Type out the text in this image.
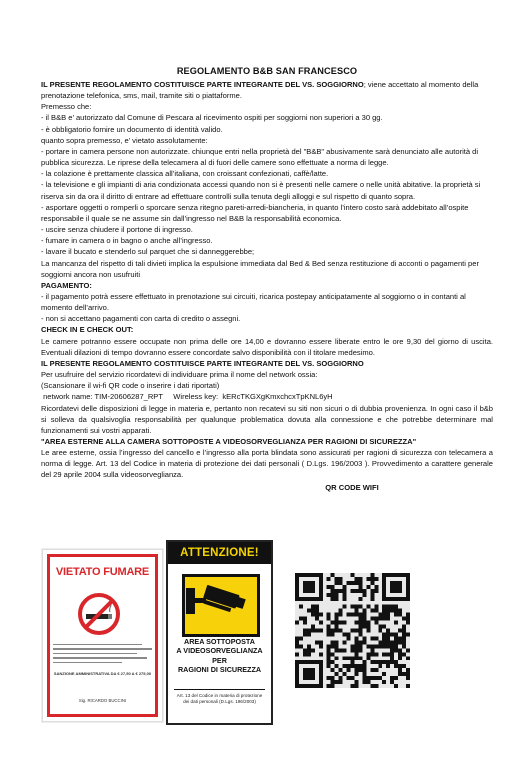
REGOLAMENTO B&B SAN FRANCESCO

IL PRESENTE REGOLAMENTO COSTITUISCE PARTE INTEGRANTE DEL VS. SOGGIORNO; viene accettato al momento della prenotazione telefonica, sms, mail, tramite siti o piattaforme.

Premesso che:

- il B&B e’ autorizzato dal Comune di Pescara al ricevimento ospiti per soggiorni non superiori a 30 gg.

- è obbligatorio fornire un documento di identità valido.

quanto sopra premesso, e’ vietato assolutamente:

- portare in camera persone non autorizzate. chiunque entri nella proprietà del "B&B" abusivamente sarà denunciato alle autorità di pubblica sicurezza. Le riprese della telecamera al di fuori delle camere sono effettuate a norma di legge.

- la colazione è prettamente classica all’italiana, con croissant confezionati, caffè/latte.

- la televisione e gli impianti di aria condizionata accessi quando non si è presenti nelle camere o nelle unità abitative. la proprietà si riserva sin da ora il diritto di entrare ad effettuare controlli sulla tenuta degli alloggi e sul rispetto di quanto sopra.

- asportare oggetti o romperli o sporcare senza ritegno pareti-arredi-biancheria, in quanto l’intero costo sarà addebitato all’ospite responsabile il quale se ne assume sin dall’ingresso nel B&B la responsabilità economica.

- uscire senza chiudere il portone di ingresso.

- fumare in camera o in bagno o anche all’ingresso.

- lavare il bucato e stenderlo sul parquet che si danneggerebbe;

La mancanza del rispetto di tali divieti implica la espulsione immediata dal Bed & Bed senza restituzione di acconti o pagamenti per soggiorni ancora non usufruiti

PAGAMENTO:

- il pagamento potrà essere effettuato in prenotazione sui circuiti, ricarica postepay anticipatamente al soggiorno o in contanti al momento dell’arrivo.

- non si accettano pagamenti con carta di credito o assegni.

CHECK IN E CHECK OUT:

Le camere potranno essere occupate non prima delle ore 14,00 e dovranno essere liberate entro le ore 9,30 del giorno di uscita. Eventuali dilazioni di tempo dovranno essere concordate salvo disponibilità con il titolare medesimo.

IL PRESENTE REGOLAMENTO COSTITUISCE PARTE INTEGRANTE DEL VS. SOGGIORNO

Per usufruire del servizio ricordatevi di individuare prima il nome del network ossia:

(Scansionare il wi-fi QR code o inserire i dati riportati)

network name: TIM-20606287_RPT     Wireless key:  kERcTKGXgKmxchcxTpKNL6yH

Ricordatevi delle disposizioni di legge in materia e, pertanto non recatevi su siti non sicuri o di dubbia provenienza. In ogni caso il b&b si solleva da qualsivoglia responsabilità per qualunque problematica dovuta alla connessione e che potrebbe determinare mal funzionamenti sui vostri apparati.

"AREA ESTERNE ALLA CAMERA SOTTOPOSTE A VIDEOSORVEGLIANZA PER RAGIONI DI SICUREZZA"

Le aree esterne, ossia l’ingresso del cancello e l’ingresso alla porta blindata sono assicurati per ragioni di sicurezza con telecamera a norma di legge. Art. 13 del Codice in materia di protezione dei dati personali ( D.Lgs. 196/2003 ). Provvedimento a carattere generale del 29 aprile 2004 sulla videosorveglianza.

QR CODE WIFI
VIETATO FUMARE
SANZIONE AMMINISTRATIVA DA € 27,50 A € 275,00
Sig. RICARDO BUCCINI
ATTENZIONE!
AREA SOTTOPOSTA
A VIDEOSORVEGLIANZA
PER
RAGIONI DI SICUREZZA
Art. 13 del Codice in materia di protezione dei dati personali (D.Lgs. 196/2003)
